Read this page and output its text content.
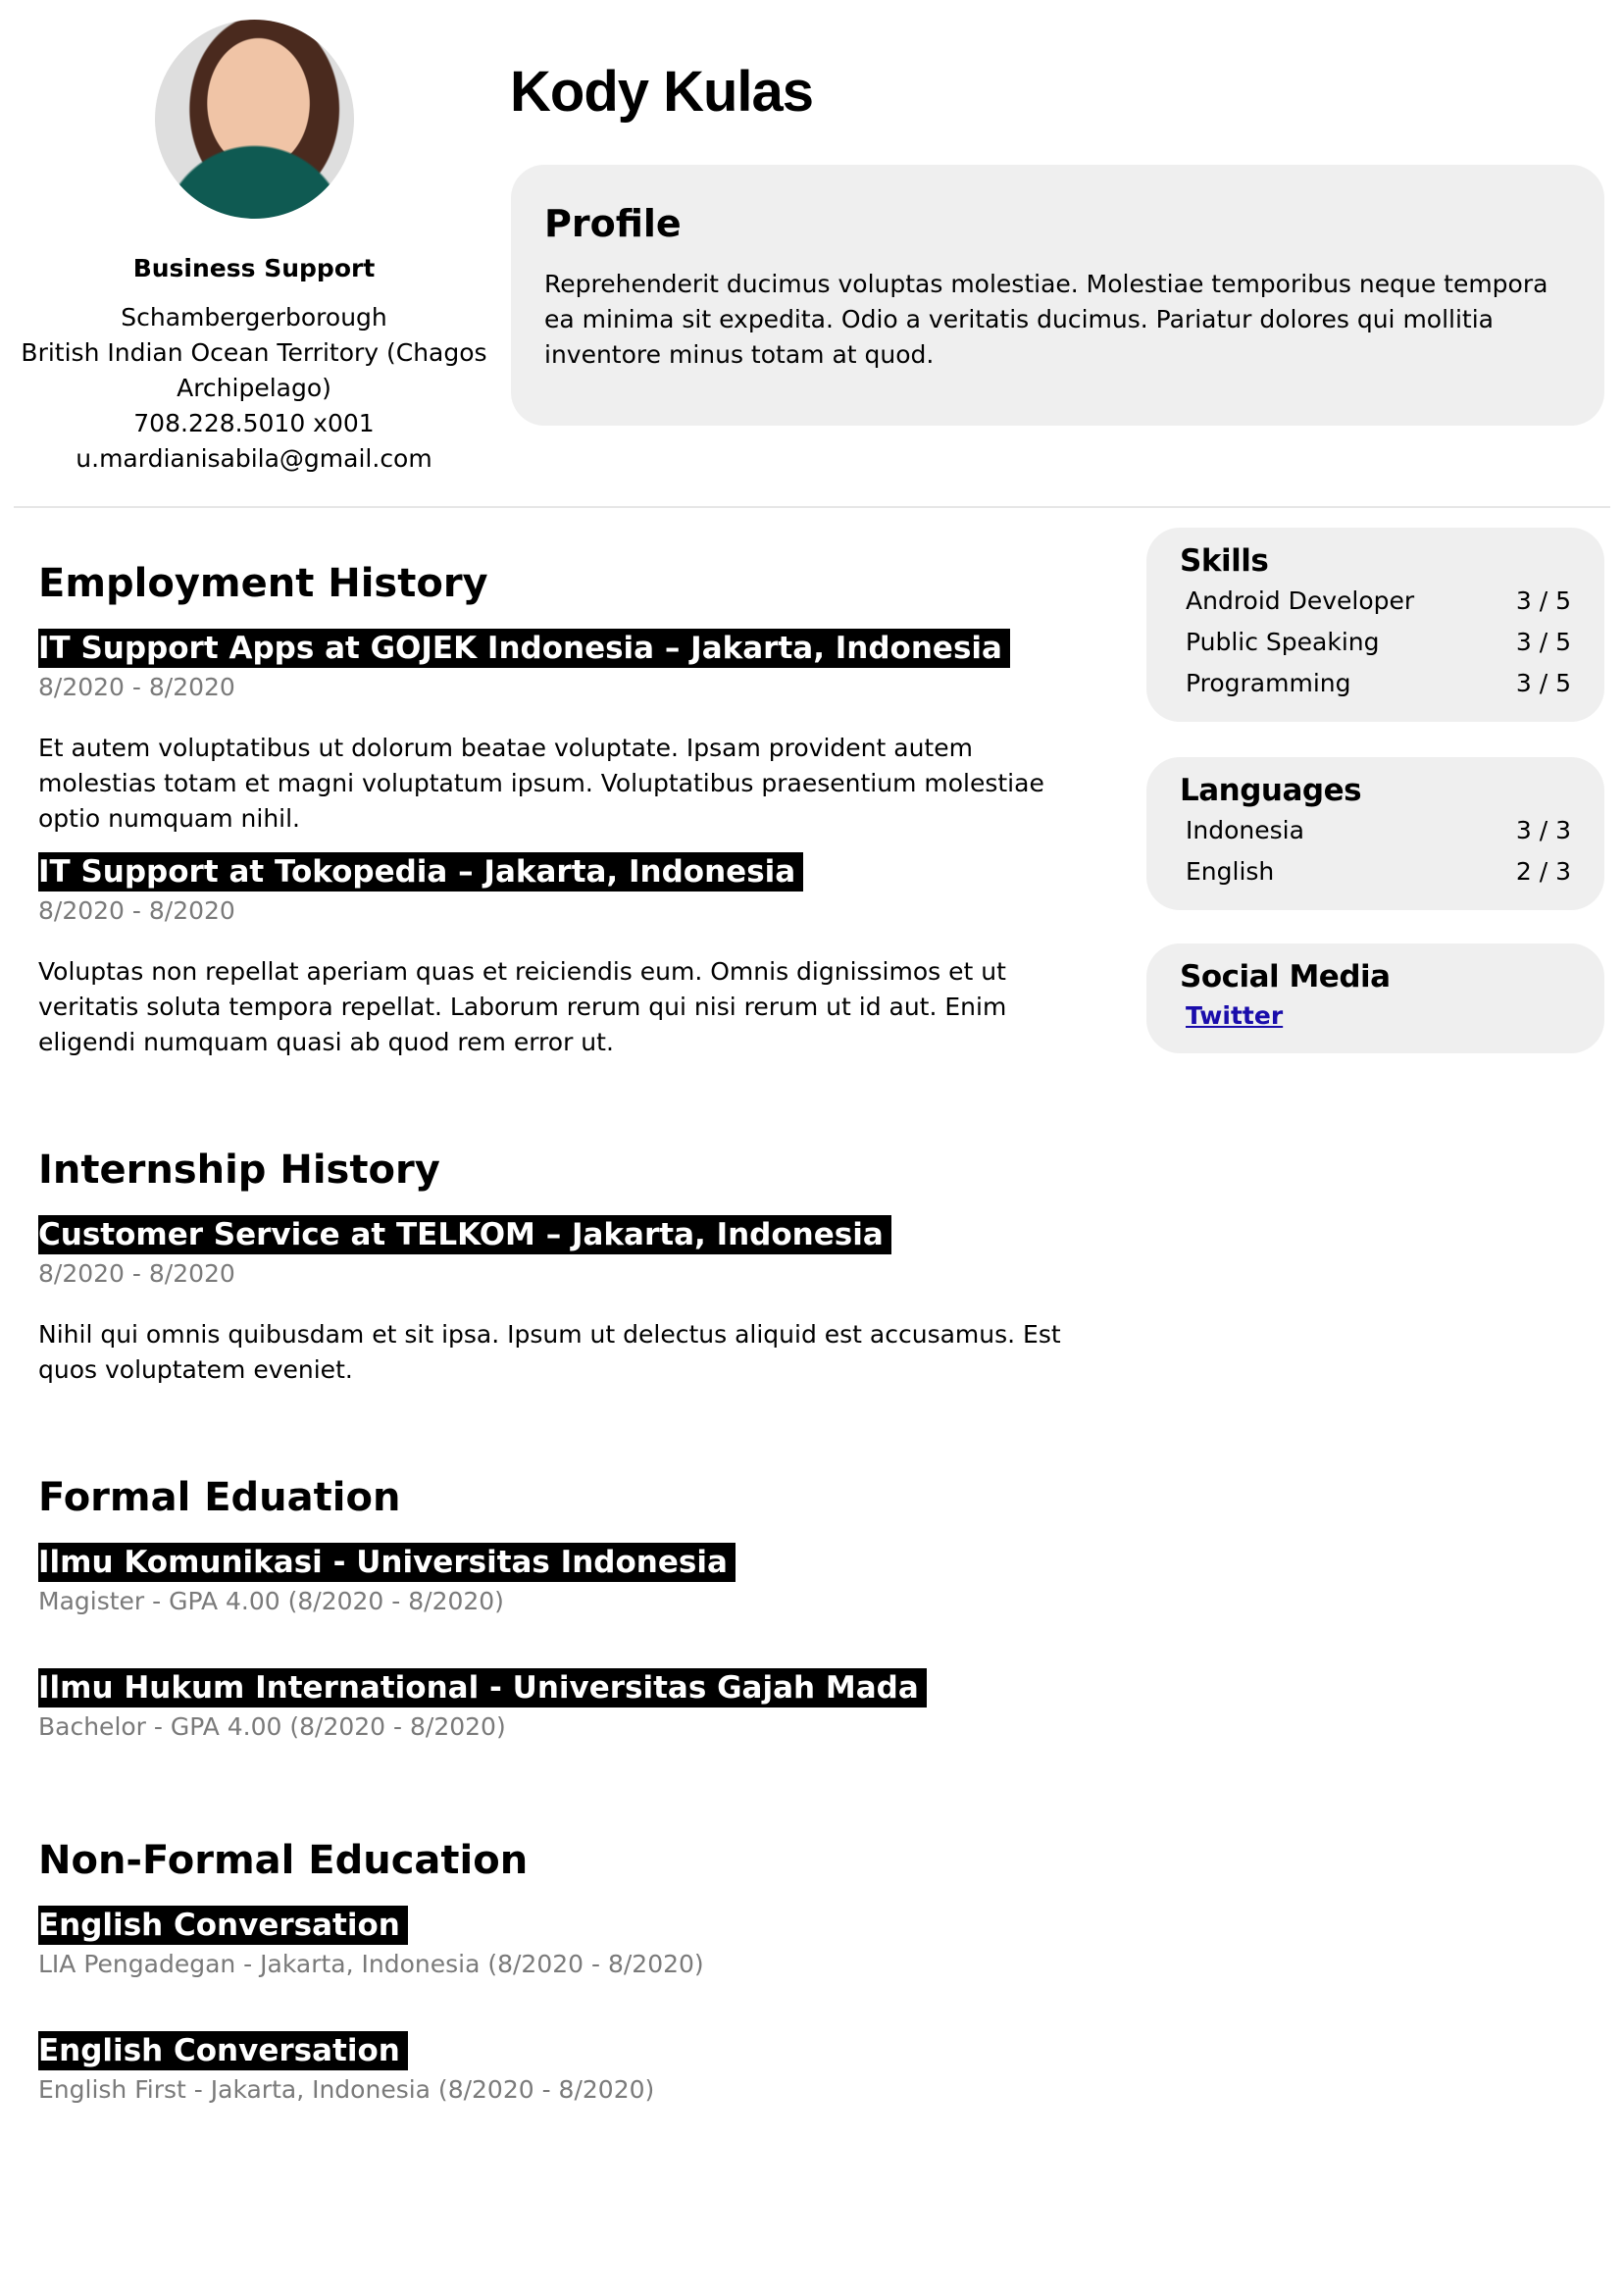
Business Support
Schambergerborough
British Indian Ocean Territory (Chagos
Archipelago)
708.228.5010 x001
u.mardianisabila@gmail.com
Kody Kulas
Profile

Reprehenderit ducimus voluptas molestiae. Molestiae temporibus neque tempora ea minima sit expedita. Odio a veritatis ducimus. Pariatur dolores qui mollitia inventore minus totam at quod.

Employment History
IT Support Apps at GOJEK Indonesia – Jakarta, Indonesia
8/2020 - 8/2020
Et autem voluptatibus ut dolorum beatae voluptate. Ipsam provident autem molestias totam et magni voluptatum ipsum. Voluptatibus praesentium molestiae optio numquam nihil.
IT Support at Tokopedia – Jakarta, Indonesia
8/2020 - 8/2020
Voluptas non repellat aperiam quas et reiciendis eum. Omnis dignissimos et ut veritatis soluta tempora repellat. Laborum rerum qui nisi rerum ut id aut. Enim eligendi numquam quasi ab quod rem error ut.
Internship History
Customer Service at TELKOM – Jakarta, Indonesia
8/2020 - 8/2020
Nihil qui omnis quibusdam et sit ipsa. Ipsum ut delectus aliquid est accusamus. Est quos voluptatem eveniet.
Formal Eduation
Ilmu Komunikasi - Universitas Indonesia
Magister - GPA 4.00 (8/2020 - 8/2020)
Ilmu Hukum International - Universitas Gajah Mada
Bachelor - GPA 4.00 (8/2020 - 8/2020)
Non-Formal Education
English Conversation
LIA Pengadegan - Jakarta, Indonesia (8/2020 - 8/2020)
English Conversation
English First - Jakarta, Indonesia (8/2020 - 8/2020)
Skills
Android Developer	3 / 5
Public Speaking	3 / 5
Programming	3 / 5
Languages
Indonesia	3 / 3
English	2 / 3
Social Media
Twitter
